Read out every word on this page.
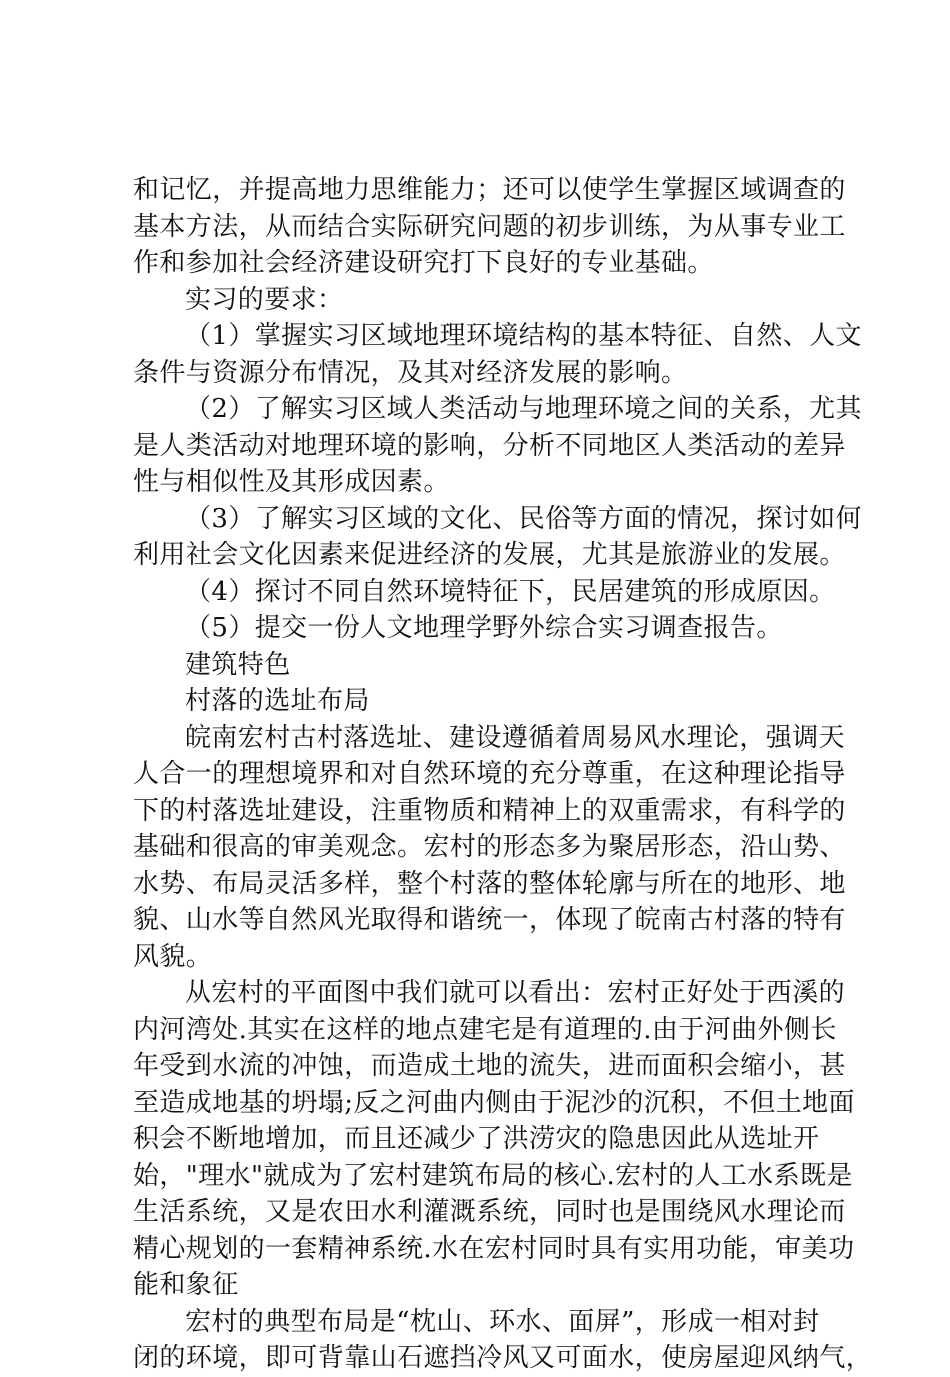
和记忆，并提高地力思维能力；还可以使学生掌握区域调查的
基本方法，从而结合实际研究问题的初步训练，为从事专业工
作和参加社会经济建设研究打下良好的专业基础。
实习的要求：
（1）掌握实习区域地理环境结构的基本特征、自然、人文
条件与资源分布情况，及其对经济发展的影响。
（2）了解实习区域人类活动与地理环境之间的关系，尤其
是人类活动对地理环境的影响，分析不同地区人类活动的差异
性与相似性及其形成因素。
（3）了解实习区域的文化、民俗等方面的情况，探讨如何
利用社会文化因素来促进经济的发展，尤其是旅游业的发展。
（4）探讨不同自然环境特征下，民居建筑的形成原因。
（5）提交一份人文地理学野外综合实习调查报告。
建筑特色
村落的选址布局
皖南宏村古村落选址、建设遵循着周易风水理论，强调天
人合一的理想境界和对自然环境的充分尊重，在这种理论指导
下的村落选址建设，注重物质和精神上的双重需求，有科学的
基础和很高的审美观念。宏村的形态多为聚居形态，沿山势、
水势、布局灵活多样，整个村落的整体轮廓与所在的地形、地
貌、山水等自然风光取得和谐统一，体现了皖南古村落的特有
风貌。
从宏村的平面图中我们就可以看出：宏村正好处于西溪的
内河湾处.其实在这样的地点建宅是有道理的.由于河曲外侧长
年受到水流的冲蚀，而造成土地的流失，进而面积会缩小，甚
至造成地基的坍塌;反之河曲内侧由于泥沙的沉积，不但土地面
积会不断地增加，而且还减少了洪涝灾的隐患因此从选址开
始，"理水"就成为了宏村建筑布局的核心.宏村的人工水系既是
生活系统，又是农田水利灌溉系统，同时也是围绕风水理论而
精心规划的一套精神系统.水在宏村同时具有实用功能，审美功
能和象征
宏村的典型布局是“枕山、环水、面屏”，形成一相对封
闭的环境，即可背靠山石遮挡冷风又可面水，使房屋迎风纳气，
